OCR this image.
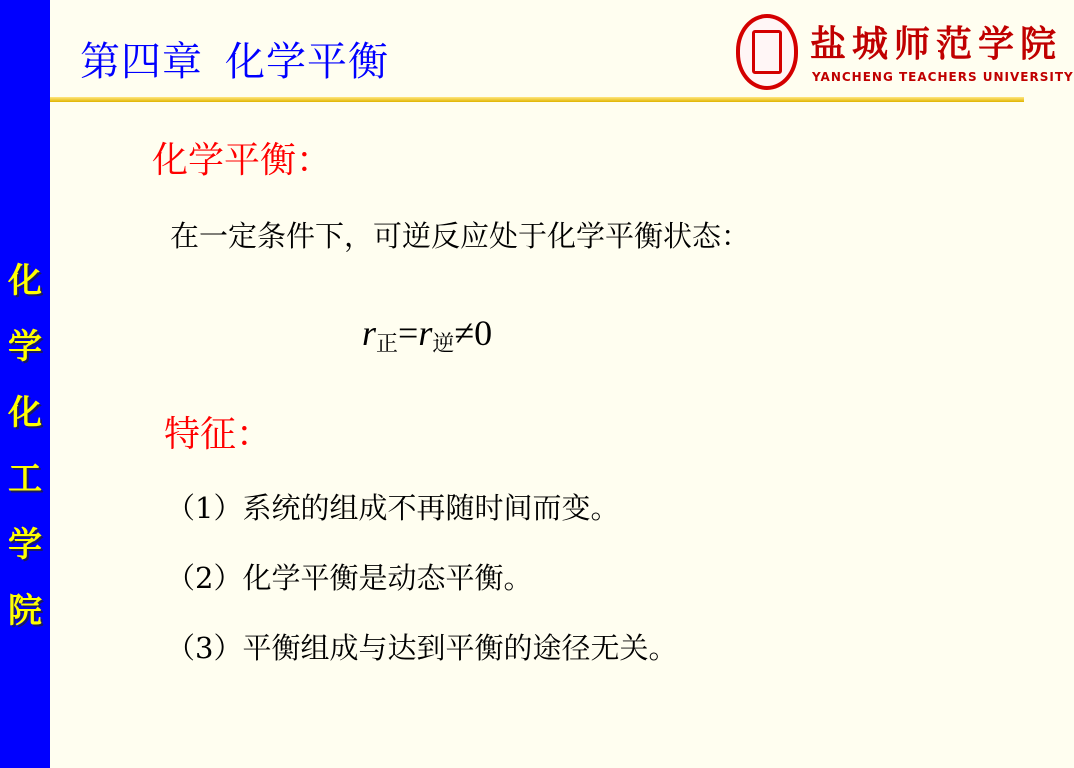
化
学
化
工
学
院
第四章 化学平衡	盐城师范学院
YANCHENG TEACHERS UNIVERSITY
化学平衡：
在一定条件下，可逆反应处于化学平衡状态：
$r_正=r_逆\ne 0$
特征：
（1）系统的组成不再随时间而变。
（2）化学平衡是动态平衡。
（3）平衡组成与达到平衡的途径无关。
